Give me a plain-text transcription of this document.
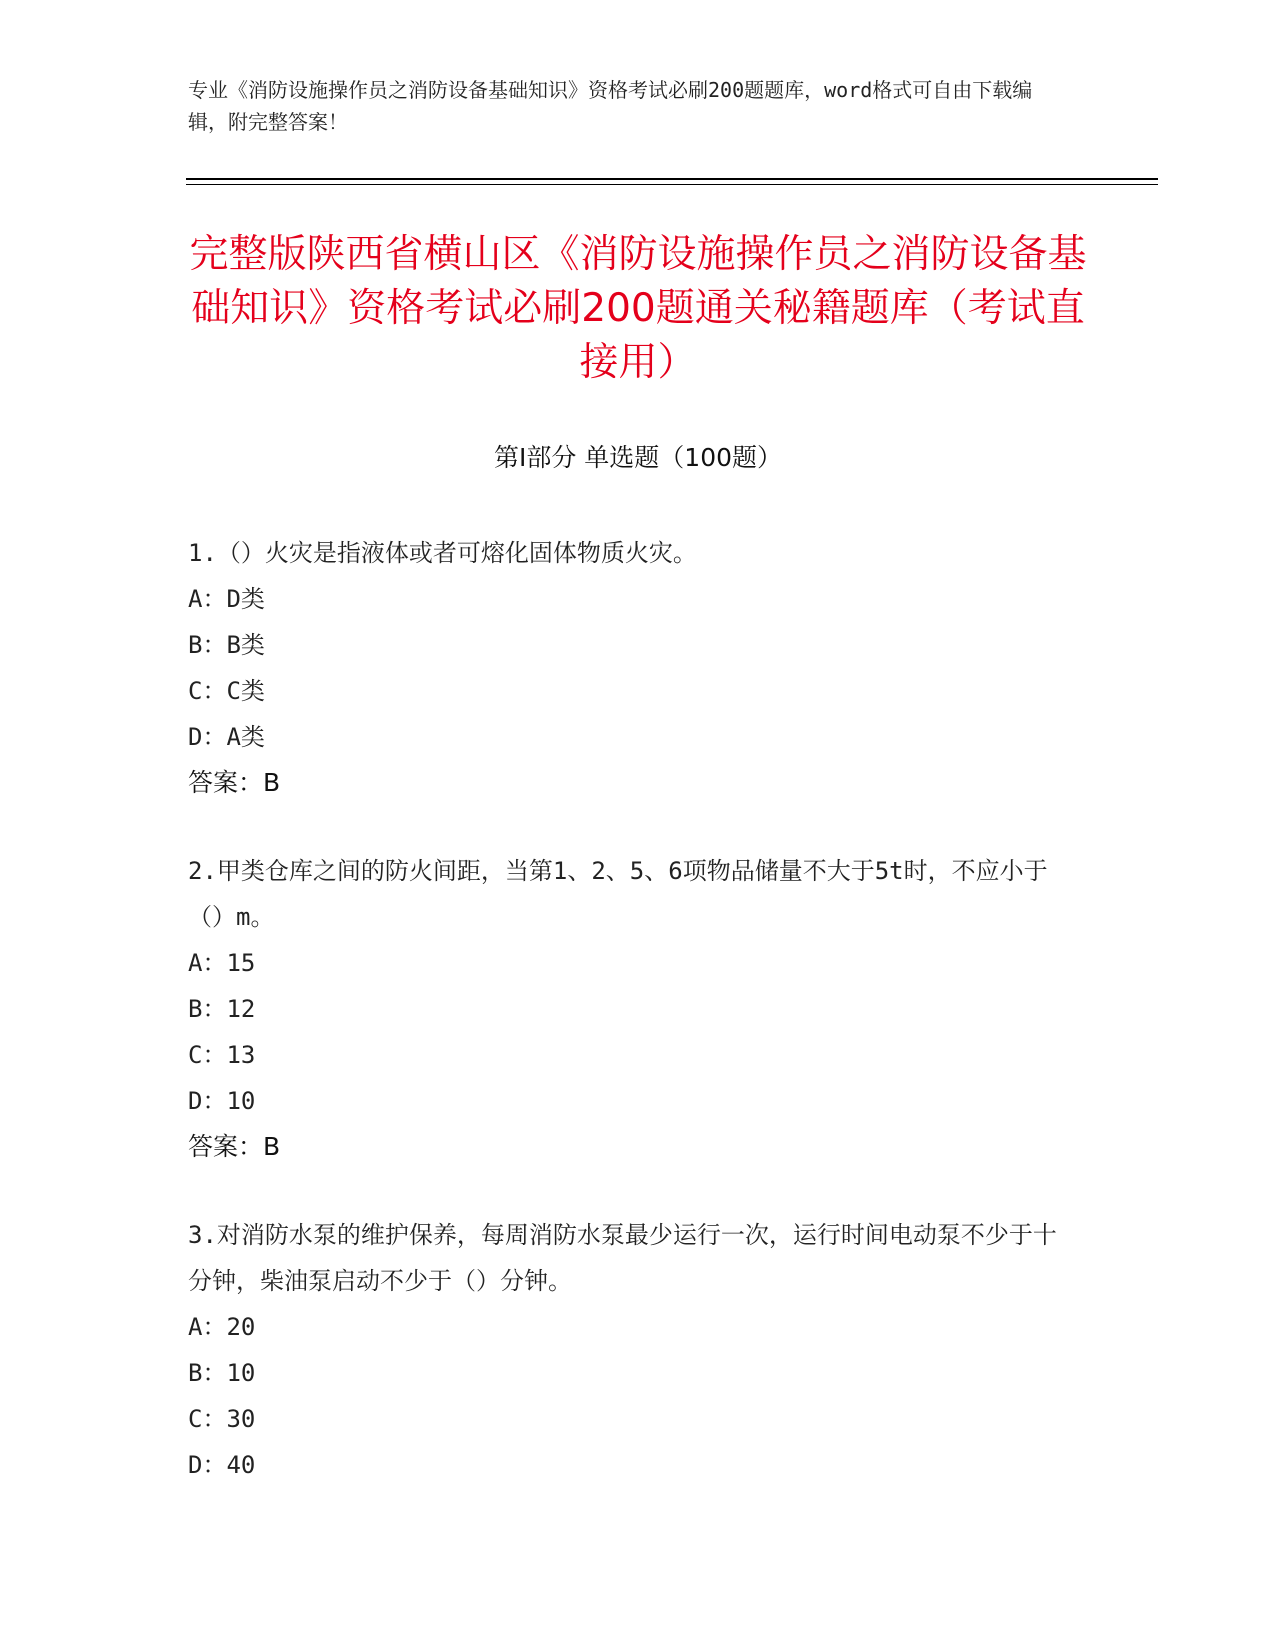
专业《消防设施操作员之消防设备基础知识》资格考试必刷200题题库，word格式可自由下载编辑，附完整答案！
完整版陕西省横山区《消防设施操作员之消防设备基础知识》资格考试必刷200题通关秘籍题库（考试直接用）
第Ⅰ部分 单选题（100题）
1.（）火灾是指液体或者可熔化固体物质火灾。
A：D类
B：B类
C：C类
D：A类
答案：B
2.甲类仓库之间的防火间距，当第1、2、5、6项物品储量不大于5t时，不应小于（）m。
A：15
B：12
C：13
D：10
答案：B
3.对消防水泵的维护保养，每周消防水泵最少运行一次，运行时间电动泵不少于十分钟，柴油泵启动不少于（）分钟。
A：20
B：10
C：30
D：40
